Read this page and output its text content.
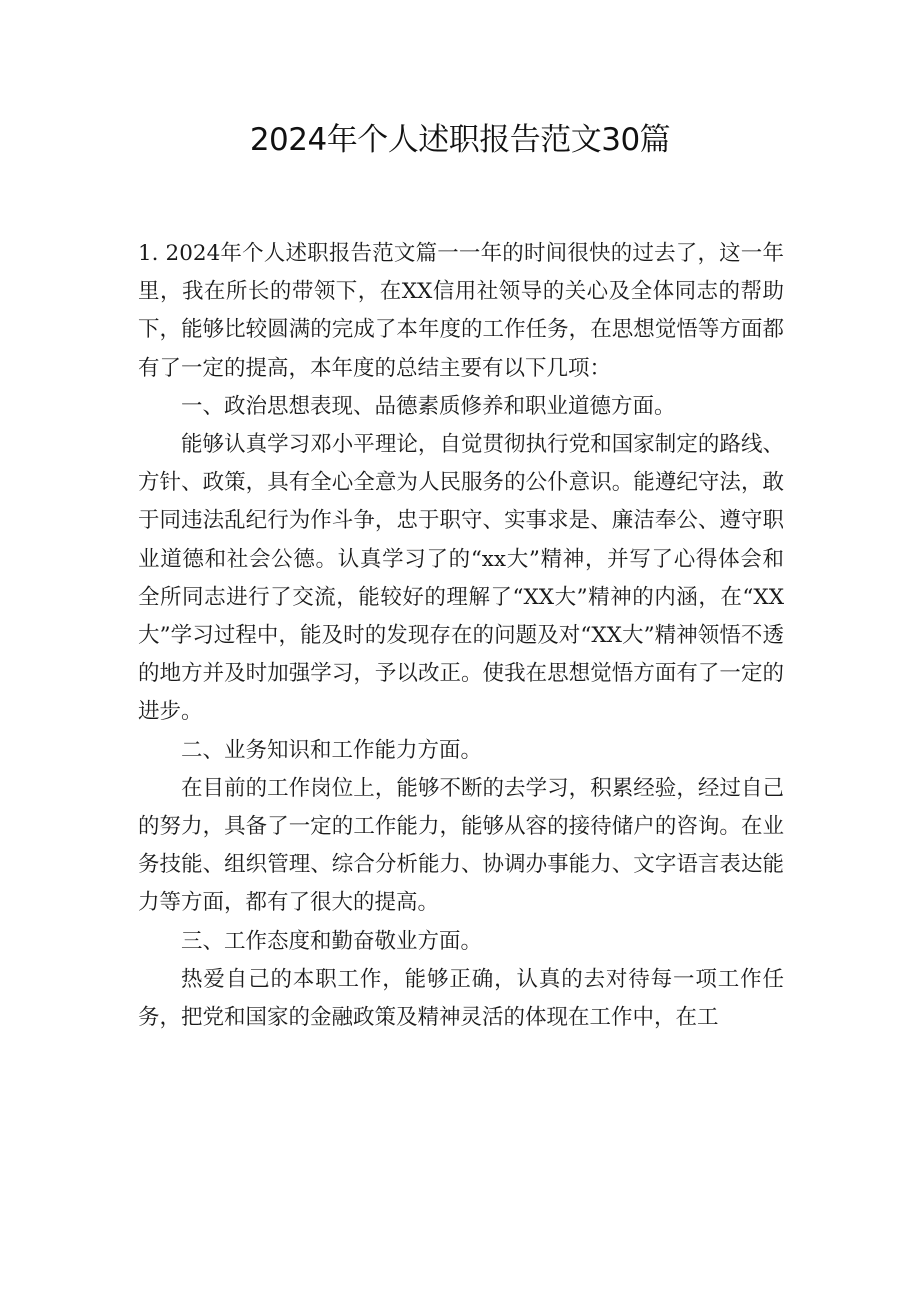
2024年个人述职报告范文30篇

1. 2024年个人述职报告范文篇一一年的时间很快的过去了，这一年里，我在所长的带领下，在XX信用社领导的关心及全体同志的帮助下，能够比较圆满的完成了本年度的工作任务，在思想觉悟等方面都有了一定的提高，本年度的总结主要有以下几项：

一、政治思想表现、品德素质修养和职业道德方面。

能够认真学习邓小平理论，自觉贯彻执行党和国家制定的路线、方针、政策，具有全心全意为人民服务的公仆意识。能遵纪守法，敢于同违法乱纪行为作斗争，忠于职守、实事求是、廉洁奉公、遵守职业道德和社会公德。认真学习了的“xx大”精神，并写了心得体会和全所同志进行了交流，能较好的理解了“XX大”精神的内涵，在“XX大”学习过程中，能及时的发现存在的问题及对“XX大”精神领悟不透的地方并及时加强学习，予以改正。使我在思想觉悟方面有了一定的进步。

二、业务知识和工作能力方面。

在目前的工作岗位上，能够不断的去学习，积累经验，经过自己的努力，具备了一定的工作能力，能够从容的接待储户的咨询。在业务技能、组织管理、综合分析能力、协调办事能力、文字语言表达能力等方面，都有了很大的提高。

三、工作态度和勤奋敬业方面。

热爱自己的本职工作，能够正确，认真的去对待每一项工作任务，把党和国家的金融政策及精神灵活的体现在工作中，在工
